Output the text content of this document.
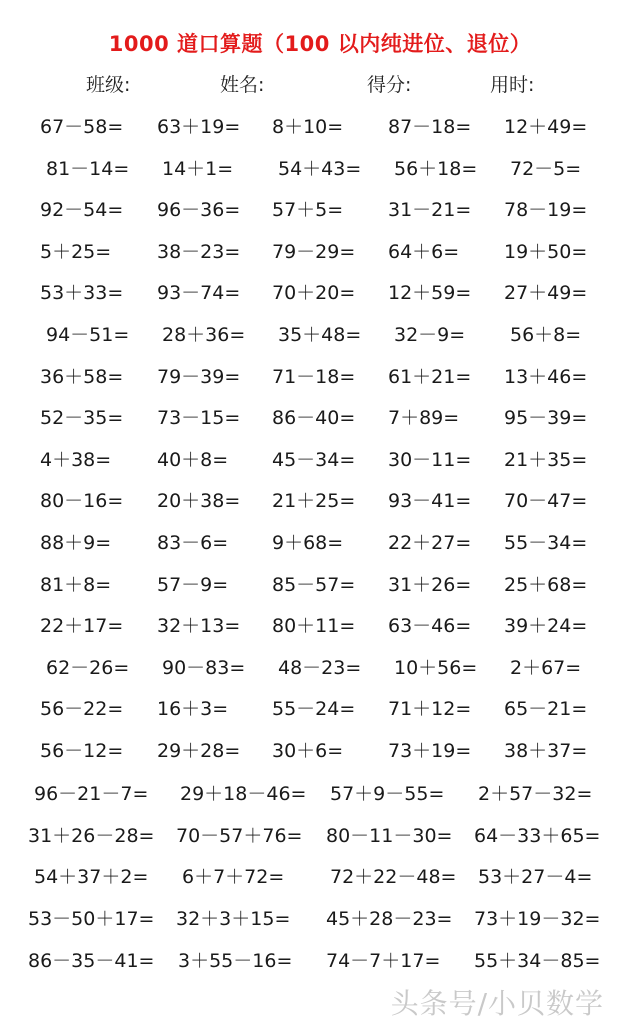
1000 道口算题（100 以内纯进位、退位）
班级:	姓名:	得分:	用时:
67－58= 63＋19= 8＋10= 87－18= 12＋49=
81－14= 14＋1= 54＋43= 56＋18= 72－5=
92－54= 96－36= 57＋5= 31－21= 78－19=
5＋25= 38－23= 79－29= 64＋6= 19＋50=
53＋33= 93－74= 70＋20= 12＋59= 27＋49=
94－51= 28＋36= 35＋48= 32－9= 56＋8=
36＋58= 79－39= 71－18= 61＋21= 13＋46=
52－35= 73－15= 86－40= 7＋89= 95－39=
4＋38= 40＋8= 45－34= 30－11= 21＋35=
80－16= 20＋38= 21＋25= 93－41= 70－47=
88＋9= 83－6= 9＋68= 22＋27= 55－34=
81＋8= 57－9= 85－57= 31＋26= 25＋68=
22＋17= 32＋13= 80＋11= 63－46= 39＋24=
62－26= 90－83= 48－23= 10＋56= 2＋67=
56－22= 16＋3= 55－24= 71＋12= 65－21=
56－12= 29＋28= 30＋6= 73＋19= 38＋37=
96－21－7= 29＋18－46= 57＋9－55= 2＋57－32=
31＋26－28= 70－57＋76= 80－11－30= 64－33＋65=
54＋37＋2= 6＋7＋72= 72＋22－48= 53＋27－4=
53－50＋17= 32＋3＋15= 45＋28－23= 73＋19－32=
86－35－41= 3＋55－16= 74－7＋17= 55＋34－85=
头条号/小贝数学
